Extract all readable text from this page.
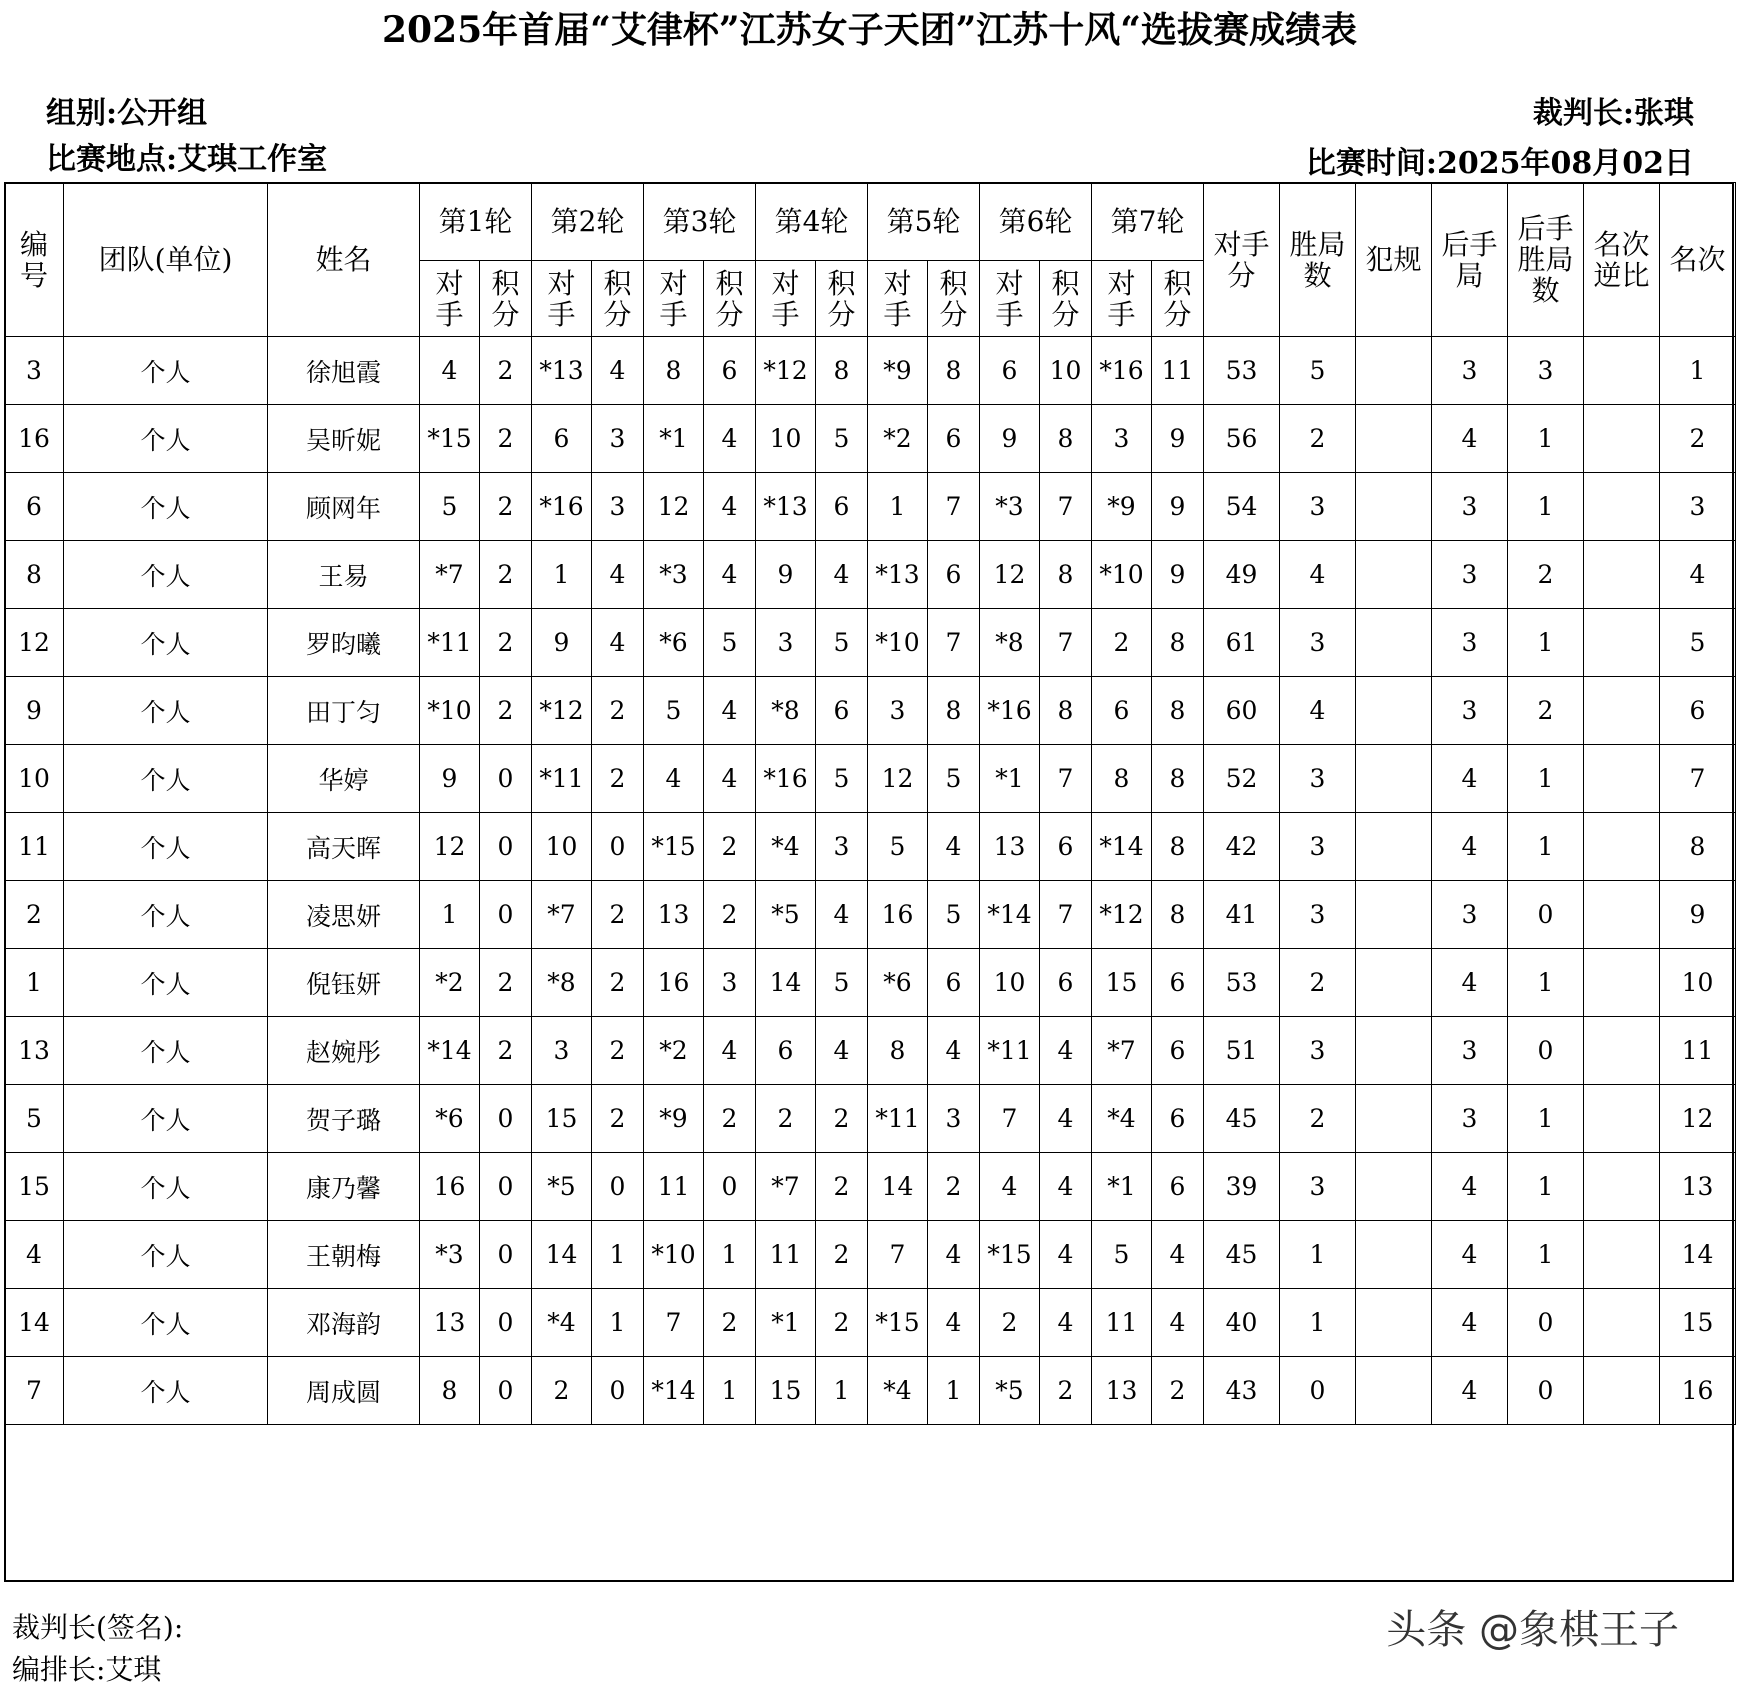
2025年首届“艾律杯”江苏女子天团”江苏十风“选拔赛成绩表
组别:公开组
比赛地点:艾琪工作室
裁判长:张琪
比赛时间:2025年08月02日
编号	团队(单位)	姓名	第1轮		第2轮		第3轮		第4轮		第5轮		第6轮		第7轮		对手分	胜局数	犯规	后手局	后手胜局数	名次逆比	名次
			对手	积分	对手	积分	对手	积分	对手	积分	对手	积分	对手	积分	对手	积分							
3	个人	徐旭霞	4	2	*13	4	8	6	*12	8	*9	8	6	10	*16	11	53	5		3	3		1
16	个人	吴昕妮	*15	2	6	3	*1	4	10	5	*2	6	9	8	3	9	56	2		4	1		2
6	个人	顾网年	5	2	*16	3	12	4	*13	6	1	7	*3	7	*9	9	54	3		3	1		3
8	个人	王易	*7	2	1	4	*3	4	9	4	*13	6	12	8	*10	9	49	4		3	2		4
12	个人	罗昀曦	*11	2	9	4	*6	5	3	5	*10	7	*8	7	2	8	61	3		3	1		5
9	个人	田丁匀	*10	2	*12	2	5	4	*8	6	3	8	*16	8	6	8	60	4		3	2		6
10	个人	华婷	9	0	*11	2	4	4	*16	5	12	5	*1	7	8	8	52	3		4	1		7
11	个人	高天晖	12	0	10	0	*15	2	*4	3	5	4	13	6	*14	8	42	3		4	1		8
2	个人	凌思妍	1	0	*7	2	13	2	*5	4	16	5	*14	7	*12	8	41	3		3	0		9
1	个人	倪钰妍	*2	2	*8	2	16	3	14	5	*6	6	10	6	15	6	53	2		4	1		10
13	个人	赵婉彤	*14	2	3	2	*2	4	6	4	8	4	*11	4	*7	6	51	3		3	0		11
5	个人	贺子璐	*6	0	15	2	*9	2	2	2	*11	3	7	4	*4	6	45	2		3	1		12
15	个人	康乃馨	16	0	*5	0	11	0	*7	2	14	2	4	4	*1	6	39	3		4	1		13
4	个人	王朝梅	*3	0	14	1	*10	1	11	2	7	4	*15	4	5	4	45	1		4	1		14
14	个人	邓海韵	13	0	*4	1	7	2	*1	2	*15	4	2	4	11	4	40	1		4	0		15
7	个人	周成圆	8	0	2	0	*14	1	15	1	*4	1	*5	2	13	2	43	0		4	0		16

裁判长(签名):
编排长:艾琪
头条 @象棋王子
